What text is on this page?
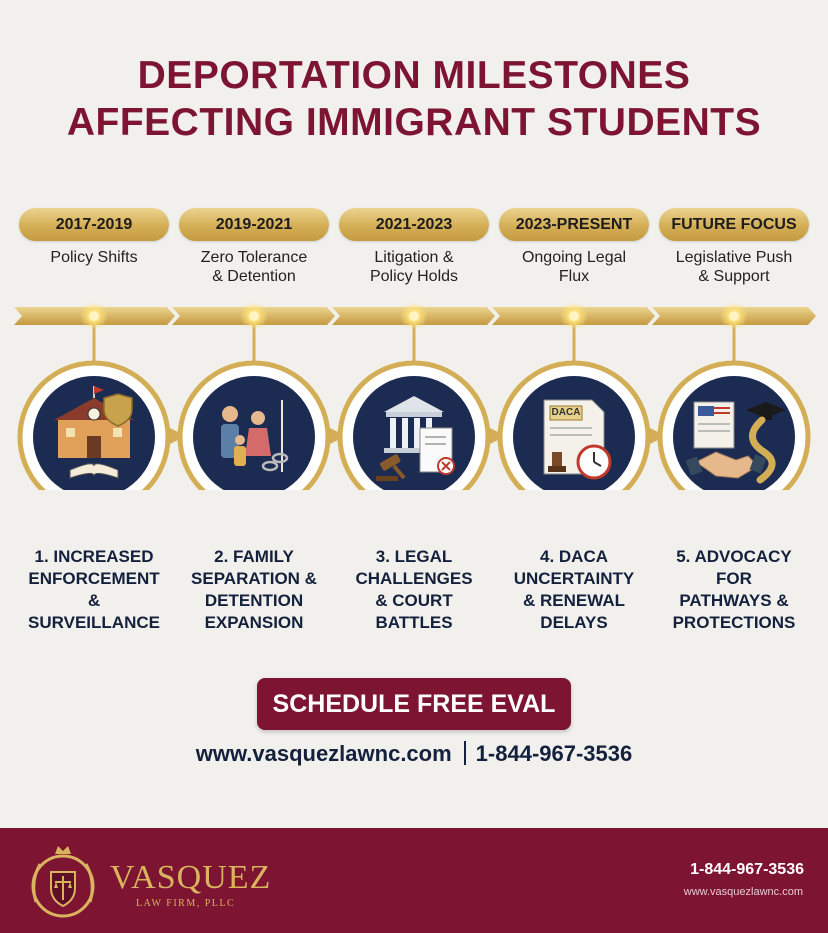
DEPORTATION MILESTONES
AFFECTING IMMIGRANT STUDENTS
DACA
2017-2019
Policy Shifts
1. INCREASED
ENFORCEMENT
&
SURVEILLANCE
2019-2021
Zero Tolerance
& Detention
2. FAMILY
SEPARATION &
DETENTION
EXPANSION
2021-2023
Litigation &
Policy Holds
3. LEGAL
CHALLENGES
& COURT
BATTLES
2023-PRESENT
Ongoing Legal
Flux
4. DACA
UNCERTAINTY
& RENEWAL
DELAYS
FUTURE FOCUS
Legislative Push
& Support
5. ADVOCACY
FOR
PATHWAYS &
PROTECTIONS
SCHEDULE FREE EVAL
www.vasquezlawnc.com 1-844-967-3536
VASQUEZ
LAW FIRM, PLLC
1-844-967-3536
www.vasquezlawnc.com
